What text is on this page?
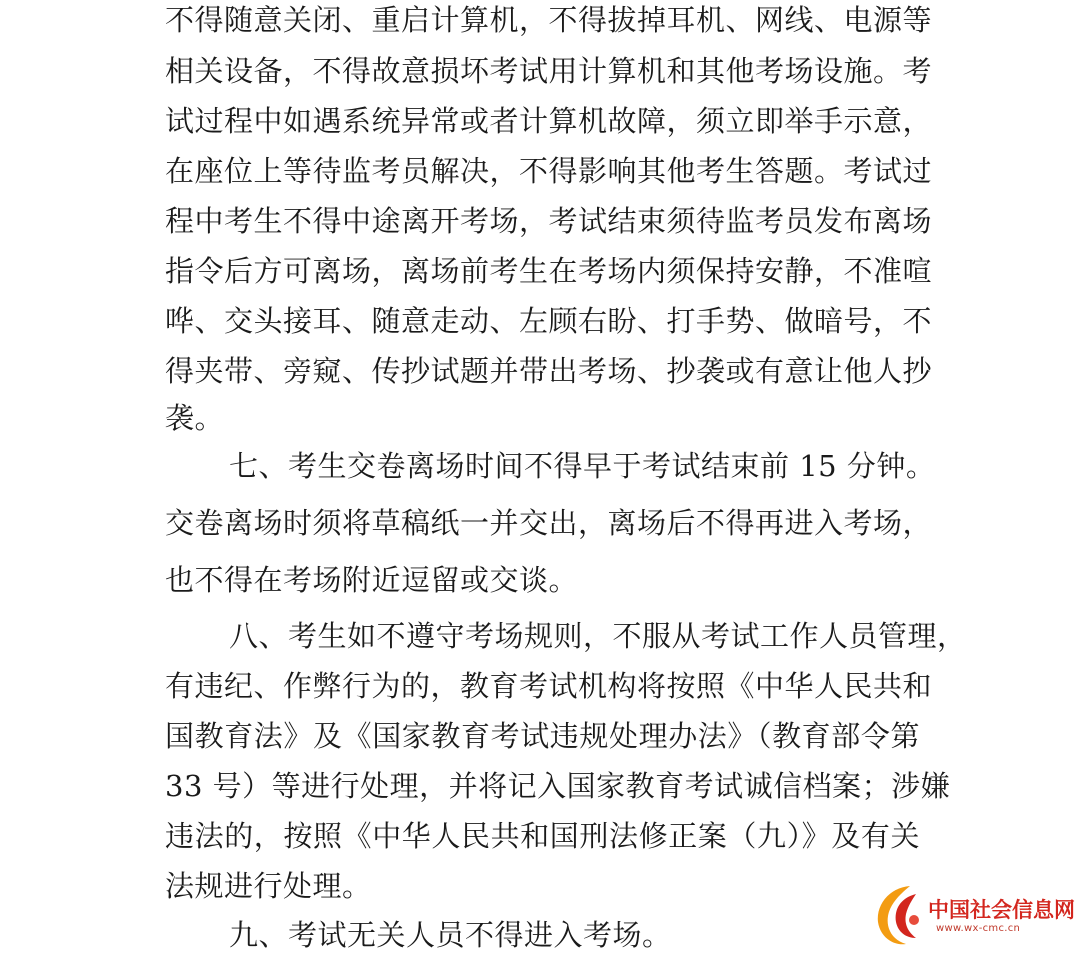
不得随意关闭、重启计算机，不得拔掉耳机、网线、电源等
相关设备，不得故意损坏考试用计算机和其他考场设施。考
试过程中如遇系统异常或者计算机故障，须立即举手示意，
在座位上等待监考员解决，不得影响其他考生答题。考试过
程中考生不得中途离开考场，考试结束须待监考员发布离场
指令后方可离场，离场前考生在考场内须保持安静，不准喧
哗、交头接耳、随意走动、左顾右盼、打手势、做暗号，不
得夹带、旁窥、传抄试题并带出考场、抄袭或有意让他人抄
袭。
七、考生交卷离场时间不得早于考试结束前 15 分钟。
交卷离场时须将草稿纸一并交出，离场后不得再进入考场，
也不得在考场附近逗留或交谈。
八、考生如不遵守考场规则，不服从考试工作人员管理，
有违纪、作弊行为的，教育考试机构将按照《中华人民共和
国教育法》及《国家教育考试违规处理办法》（教育部令第
33 号）等进行处理，并将记入国家教育考试诚信档案；涉嫌
违法的，按照《中华人民共和国刑法修正案（九）》及有关
法规进行处理。
九、考试无关人员不得进入考场。
中国社会信息网
www.wx-cmc.cn
